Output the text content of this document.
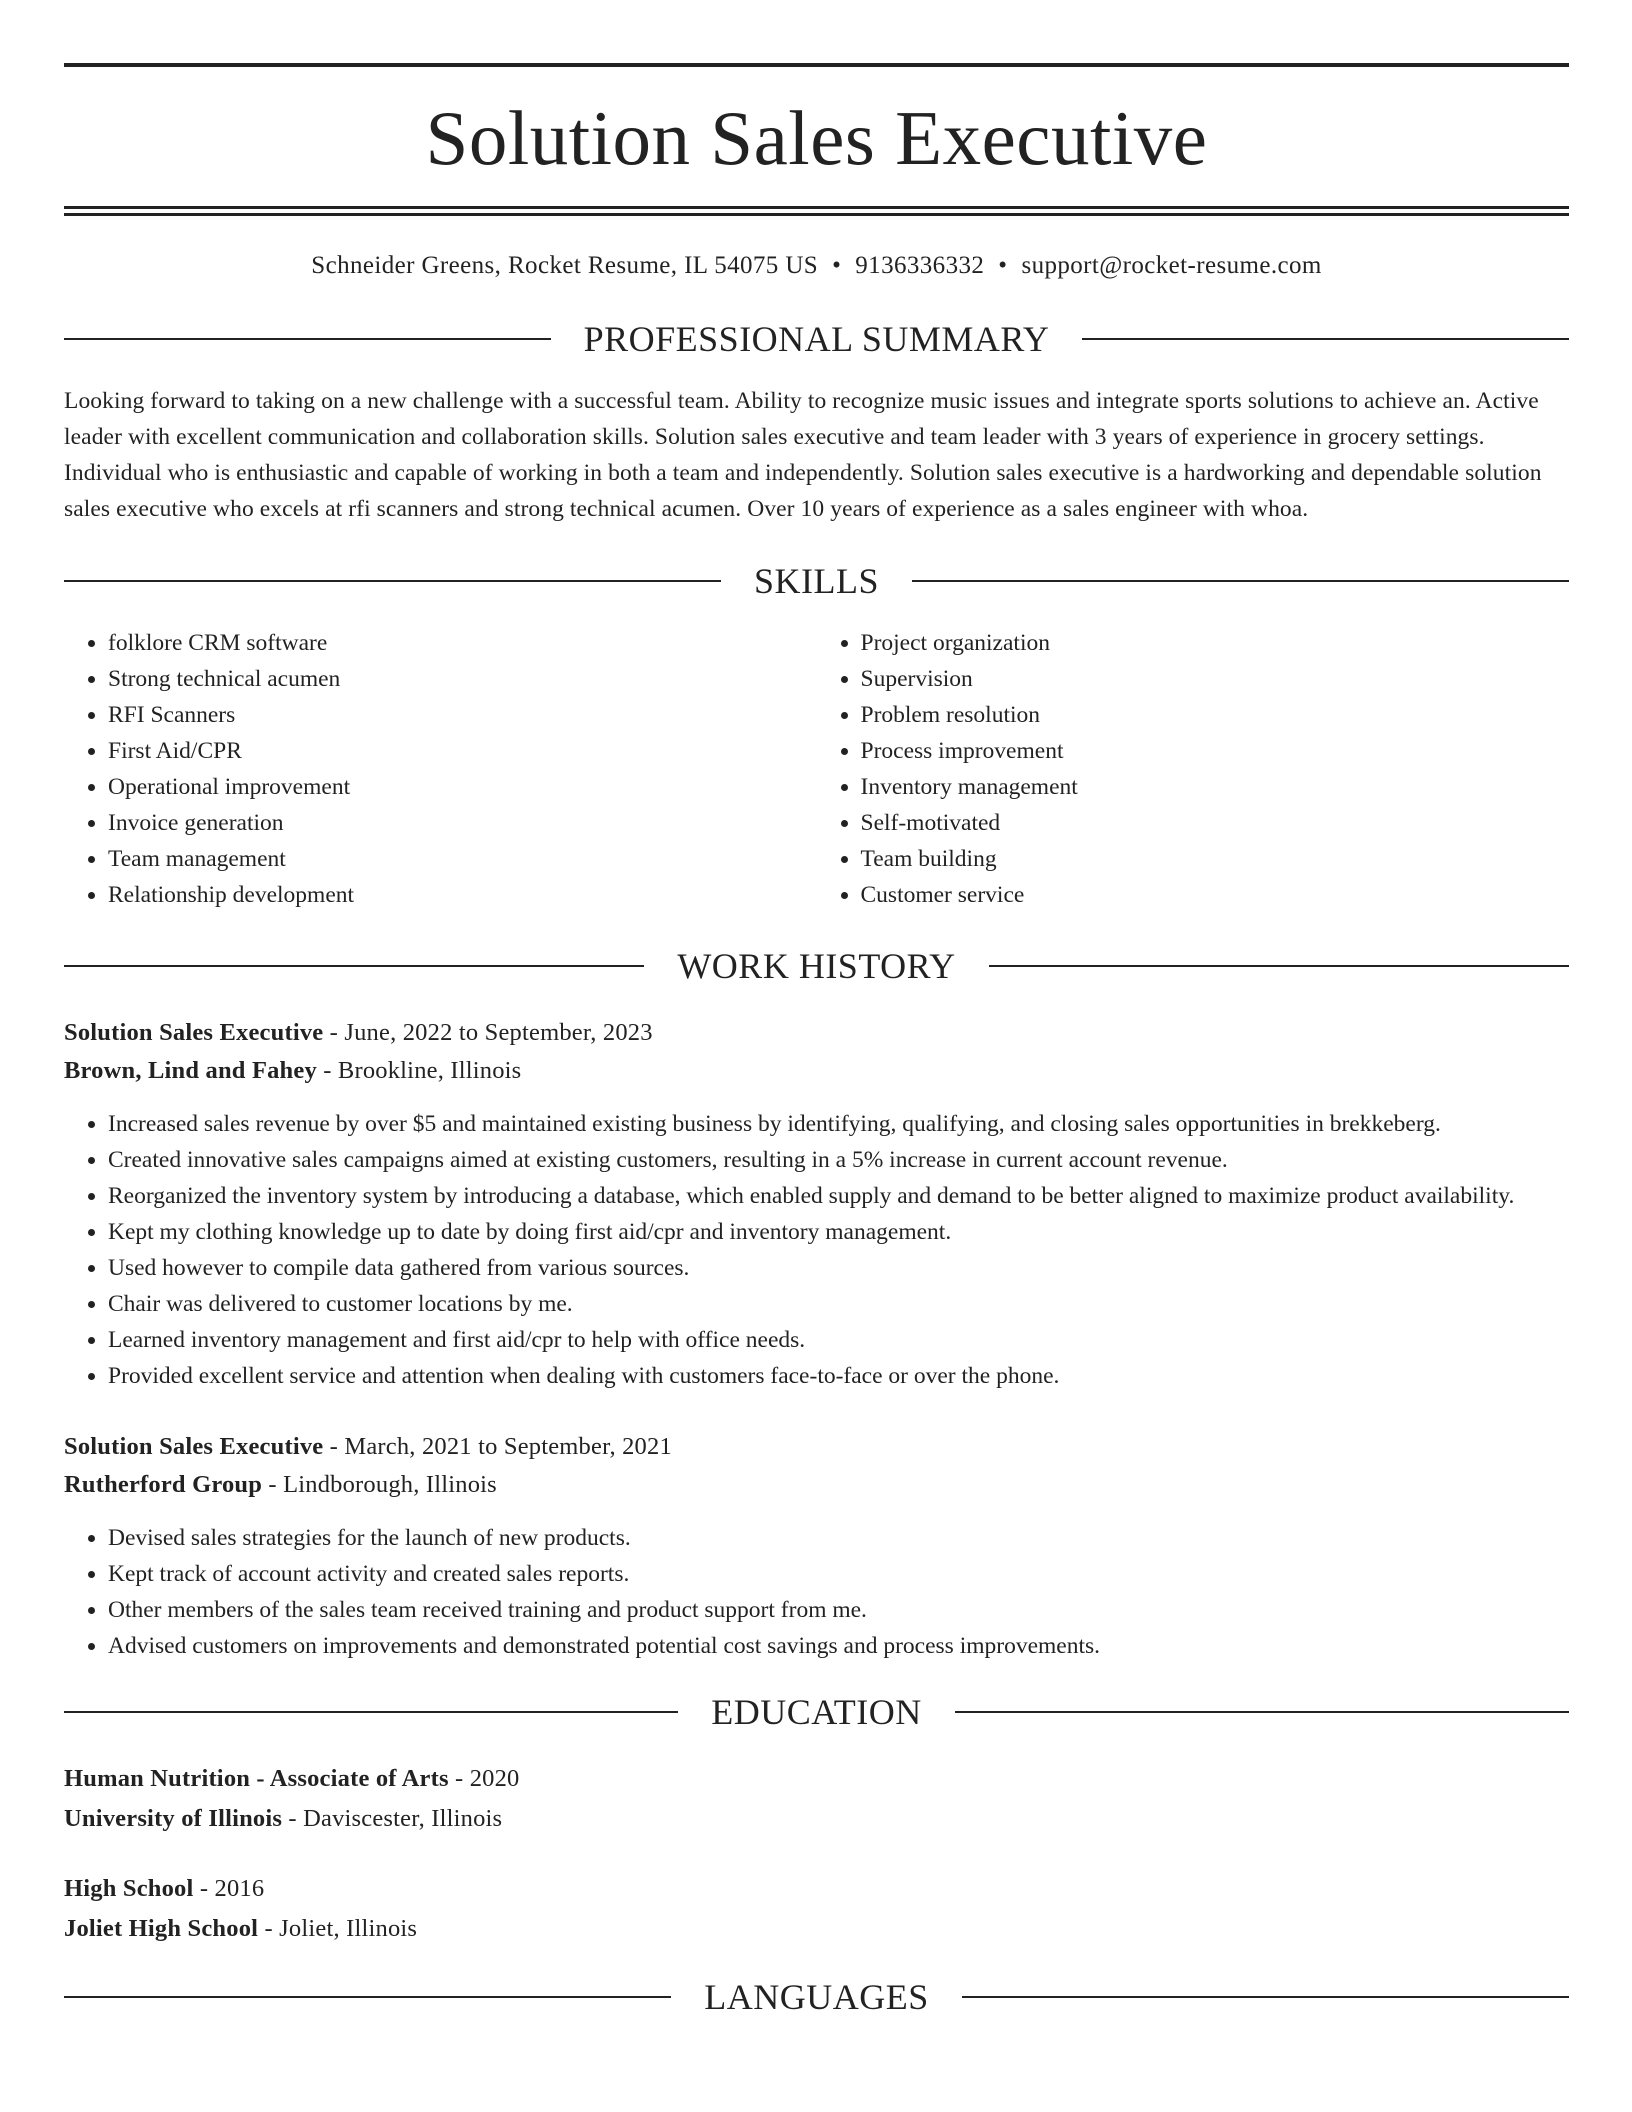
Solution Sales Executive
Schneider Greens, Rocket Resume, IL 54075 US • 9136336332 • support@rocket-resume.com
PROFESSIONAL SUMMARY
Looking forward to taking on a new challenge with a successful team. Ability to recognize music issues and integrate sports solutions to achieve an. Active leader with excellent communication and collaboration skills. Solution sales executive and team leader with 3 years of experience in grocery settings. Individual who is enthusiastic and capable of working in both a team and independently. Solution sales executive is a hardworking and dependable solution sales executive who excels at rfi scanners and strong technical acumen. Over 10 years of experience as a sales engineer with whoa.
SKILLS
• folklore CRM software
• Strong technical acumen
• RFI Scanners
• First Aid/CPR
• Operational improvement
• Invoice generation
• Team management
• Relationship development
• Project organization
• Supervision
• Problem resolution
• Process improvement
• Inventory management
• Self-motivated
• Team building
• Customer service
WORK HISTORY
Solution Sales Executive - June, 2022 to September, 2023
Brown, Lind and Fahey - Brookline, Illinois
• Increased sales revenue by over $5 and maintained existing business by identifying, qualifying, and closing sales opportunities in brekkeberg.
• Created innovative sales campaigns aimed at existing customers, resulting in a 5% increase in current account revenue.
• Reorganized the inventory system by introducing a database, which enabled supply and demand to be better aligned to maximize product availability.
• Kept my clothing knowledge up to date by doing first aid/cpr and inventory management.
• Used however to compile data gathered from various sources.
• Chair was delivered to customer locations by me.
• Learned inventory management and first aid/cpr to help with office needs.
• Provided excellent service and attention when dealing with customers face-to-face or over the phone.
Solution Sales Executive - March, 2021 to September, 2021
Rutherford Group - Lindborough, Illinois
• Devised sales strategies for the launch of new products.
• Kept track of account activity and created sales reports.
• Other members of the sales team received training and product support from me.
• Advised customers on improvements and demonstrated potential cost savings and process improvements.
EDUCATION
Human Nutrition - Associate of Arts - 2020
University of Illinois - Daviscester, Illinois
High School - 2016
Joliet High School - Joliet, Illinois
LANGUAGES
